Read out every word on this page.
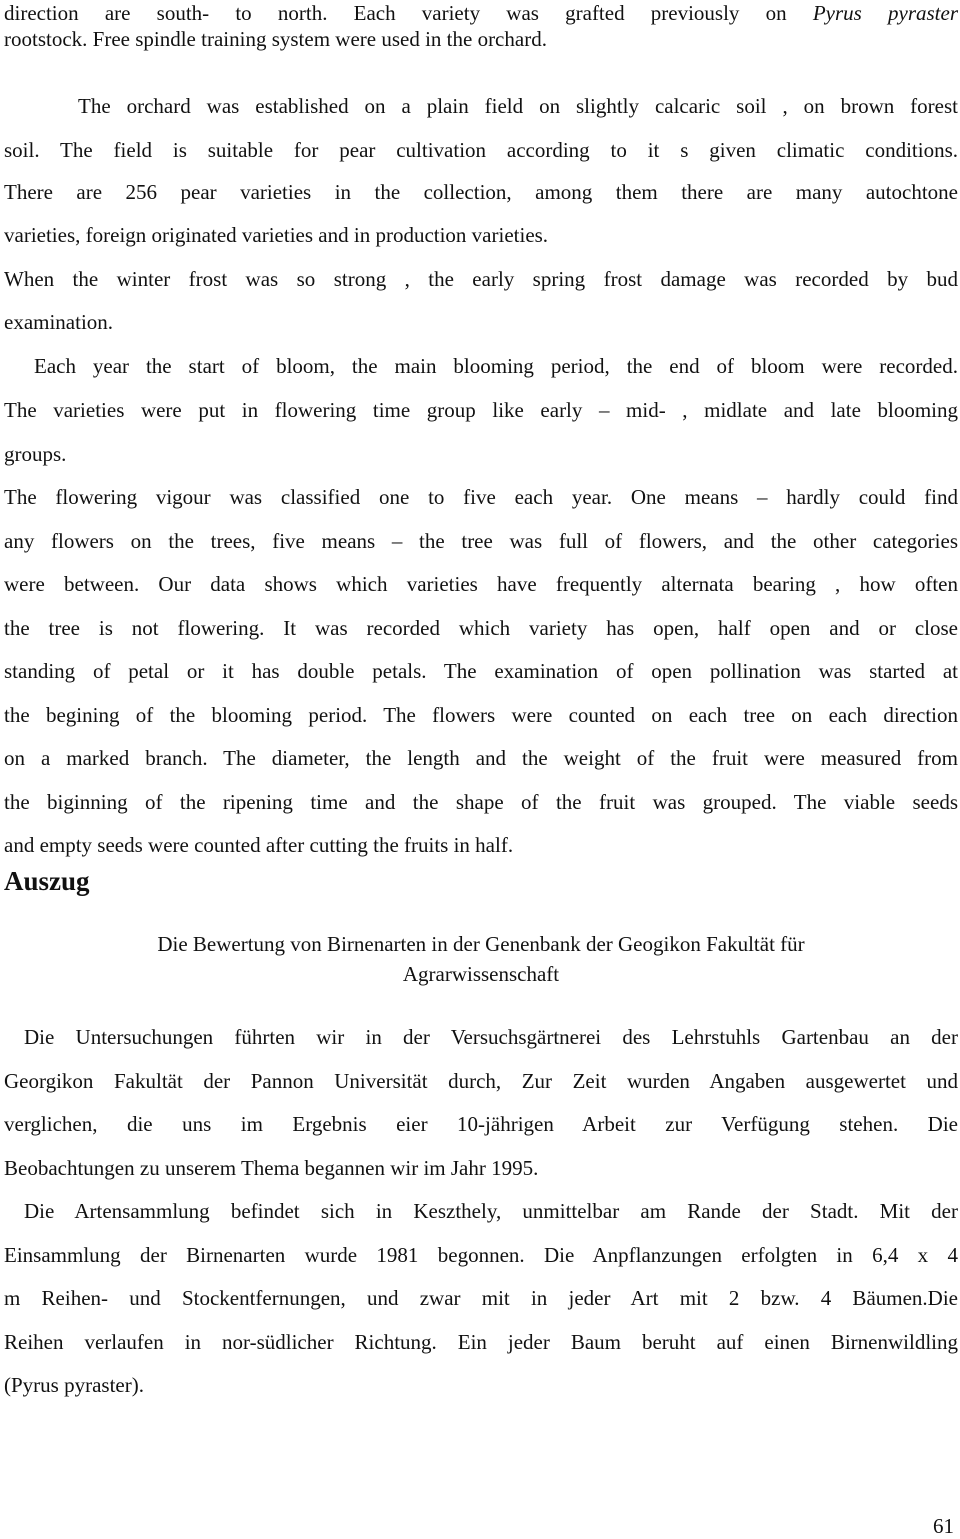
direction are south- to north. Each variety was grafted previously on Pyrus pyraster
rootstock. Free spindle training system were used in the orchard.

The orchard was established on a plain field on slightly calcaric soil , on brown forest
soil. The field is suitable for pear cultivation according to it s given climatic conditions.

There are 256 pear varieties in the collection, among them there are many autochtone
varieties, foreign originated varieties and in production varieties.

When the winter frost was so strong , the early spring frost damage was recorded by bud
examination.

Each year the start of bloom, the main blooming period, the end of bloom were recorded.
The varieties were put in flowering time group like early – mid- , midlate and late blooming
groups.

The flowering vigour was classified one to five each year. One means – hardly could find
any flowers on the trees, five means – the tree was full of flowers, and the other categories
were between. Our data shows which varieties have frequently alternata bearing , how often
the tree is not flowering. It was recorded which variety has open, half open and or close
standing of petal or it has double petals. The examination of open pollination was started at
the begining of the blooming period. The flowers were counted on each tree on each direction
on a marked branch. The diameter, the length and the weight of the fruit were measured from
the biginning of the ripening time and the shape of the fruit was grouped. The viable seeds
and empty seeds were counted after cutting the fruits in half.

Auszug
Die Bewertung von Birnenarten in der Genenbank der Geogikon Fakultät für
Agrarwissenschaft

Die Untersuchungen führten wir in der Versuchsgärtnerei des Lehrstuhls Gartenbau an der
Georgikon Fakultät der Pannon Universität durch, Zur Zeit wurden Angaben ausgewertet und
verglichen, die uns im Ergebnis eier 10-jährigen Arbeit zur Verfügung stehen. Die
Beobachtungen zu unserem Thema begannen wir im Jahr 1995.

Die Artensammlung befindet sich in Keszthely, unmittelbar am Rande der Stadt. Mit der
Einsammlung der Birnenarten wurde 1981 begonnen. Die Anpflanzungen erfolgten in 6,4 x 4
m Reihen- und Stockentfernungen, und zwar mit in jeder Art mit 2 bzw. 4 Bäumen.Die
Reihen verlaufen in nor-südlicher Richtung. Ein jeder Baum beruht auf einen Birnenwildling
(Pyrus pyraster).

61
